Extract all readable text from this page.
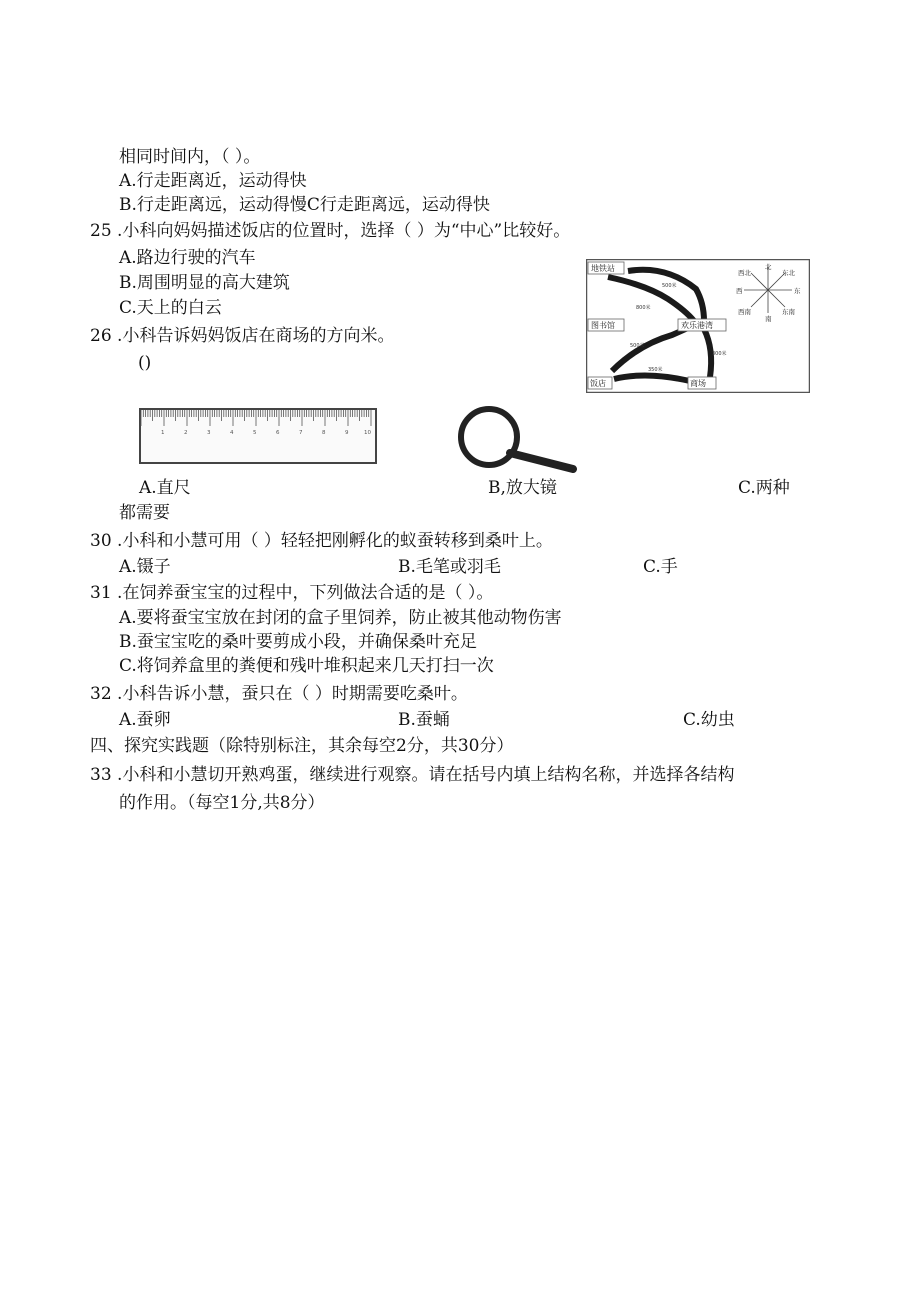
相同时间内，（ ）。
A.行走距离近，运动得快
B.行走距离远，运动得慢C行走距离远，运动得快
25 .小科向妈妈描述饭店的位置时，选择（ ）为“中心”比较好。
A.路边行驶的汽车
B.周围明显的高大建筑
C.天上的白云
26 .小科告诉妈妈饭店在商场的方向米。
()
地铁站
图书馆	欢乐港湾
饭店	商场
500米
800米
500米
300米
350米
北
东北
东
东南
南
西南
西
西北
1	2	3	4	5	6	7	8	9	10
A.直尺	B,放大镜	C.两种
都需要
30 .小科和小慧可用（ ）轻轻把刚孵化的蚁蚕转移到桑叶上。
A.镊子	B.毛笔或羽毛	C.手
31 .在饲养蚕宝宝的过程中，下列做法合适的是（ ）。
A.要将蚕宝宝放在封闭的盒子里饲养，防止被其他动物伤害
B.蚕宝宝吃的桑叶要剪成小段，并确保桑叶充足
C.将饲养盒里的粪便和残叶堆积起来几天打扫一次
32 .小科告诉小慧，蚕只在（ ）时期需要吃桑叶。
A.蚕卵	B.蚕蛹	C.幼虫
四、探究实践题（除特别标注，其余每空2分，共30分）
33 .小科和小慧切开熟鸡蛋，继续进行观察。请在括号内填上结构名称，并选择各结构
的作用。（每空1分,共8分）
